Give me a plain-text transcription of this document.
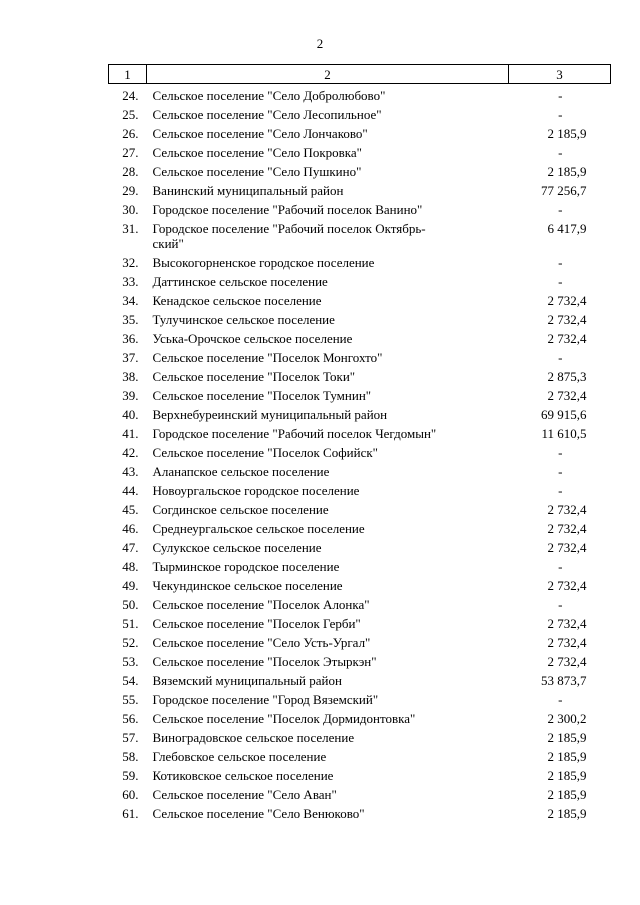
2
1	2	3
24.	Сельское поселение "Село Добролюбово"	-
25.	Сельское поселение "Село Лесопильное"	-
26.	Сельское поселение "Село Лончаково"	2 185,9
27.	Сельское поселение "Село Покровка"	-
28.	Сельское поселение "Село Пушкино"	2 185,9
29.	Ванинский муниципальный район	77 256,7
30.	Городское поселение "Рабочий поселок Ванино"	-
31.	Городское поселение "Рабочий поселок Октябрь-
ский"	6 417,9
32.	Высокогорненское городское поселение	-
33.	Даттинское сельское поселение	-
34.	Кенадское сельское поселение	2 732,4
35.	Тулучинское сельское поселение	2 732,4
36.	Уська-Орочское сельское поселение	2 732,4
37.	Сельское поселение "Поселок Монгохто"	-
38.	Сельское поселение "Поселок Токи"	2 875,3
39.	Сельское поселение "Поселок Тумнин"	2 732,4
40.	Верхнебуреинский муниципальный район	69 915,6
41.	Городское поселение "Рабочий поселок Чегдомын"	11 610,5
42.	Сельское поселение "Поселок Софийск"	-
43.	Аланапское сельское поселение	-
44.	Новоургальское городское поселение	-
45.	Согдинское сельское поселение	2 732,4
46.	Среднеургальское сельское поселение	2 732,4
47.	Сулукское сельское поселение	2 732,4
48.	Тырминское городское поселение	-
49.	Чекундинское сельское поселение	2 732,4
50.	Сельское поселение "Поселок Алонка"	-
51.	Сельское поселение "Поселок Герби"	2 732,4
52.	Сельское поселение "Село Усть-Ургал"	2 732,4
53.	Сельское поселение "Поселок Этыркэн"	2 732,4
54.	Вяземский муниципальный район	53 873,7
55.	Городское поселение "Город Вяземский"	-
56.	Сельское поселение "Поселок Дормидонтовка"	2 300,2
57.	Виноградовское сельское поселение	2 185,9
58.	Глебовское сельское поселение	2 185,9
59.	Котиковское сельское поселение	2 185,9
60.	Сельское поселение "Село Аван"	2 185,9
61.	Сельское поселение "Село Венюково"	2 185,9
